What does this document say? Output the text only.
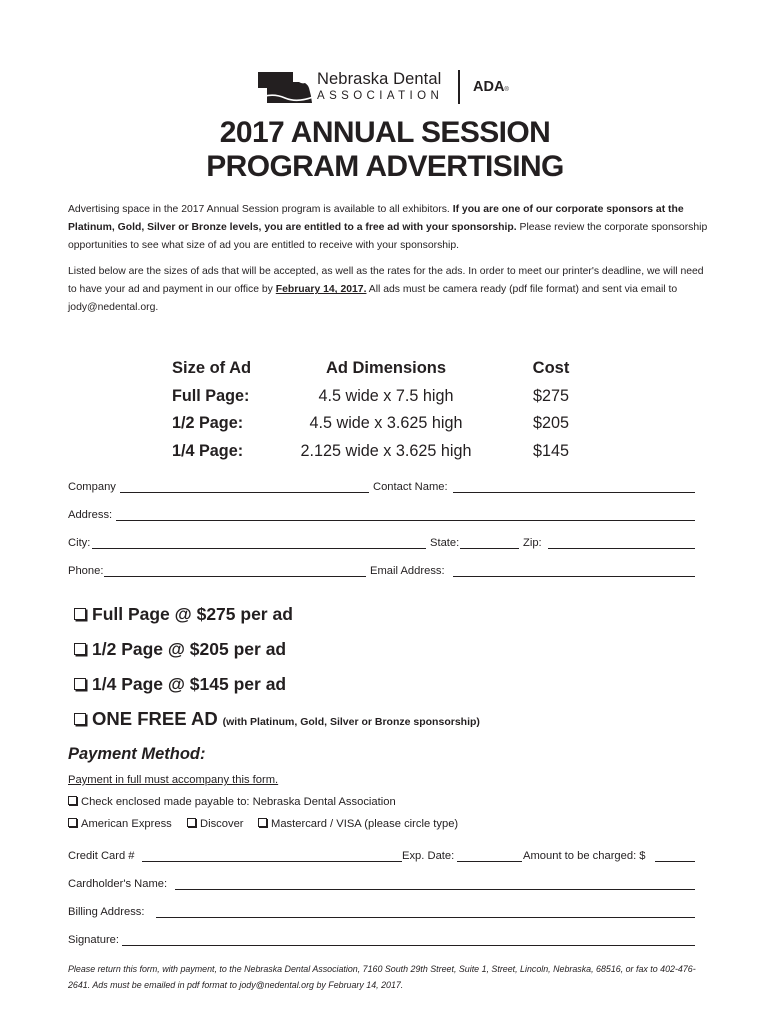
Nebraska Dental
ASSOCIATION
ADA®
2017 ANNUAL SESSION
PROGRAM ADVERTISING
Advertising space in the 2017 Annual Session program is available to all exhibitors. If you are one of our corporate sponsors at the Platinum, Gold, Silver or Bronze levels, you are entitled to a free ad with your sponsorship. Please review the corporate sponsorship opportunities to see what size of ad you are entitled to receive with your sponsorship.
Listed below are the sizes of ads that will be accepted, as well as the rates for the ads. In order to meet our printer's deadline, we will need to have your ad and payment in our office by February 14, 2017. All ads must be camera ready (pdf file format) and sent via email to jody@nedental.org.
Size of Ad	Ad Dimensions	Cost
Full Page:	4.5 wide x 7.5 high	$275
1/2 Page:	4.5 wide x 3.625 high	$205
1/4 Page:	2.125 wide x 3.625 high	$145
Company	Contact Name:
Address:
City:	State:	Zip:
Phone:	Email Address:
Full Page @ $275 per ad
1/2 Page @ $205 per ad
1/4 Page @ $145 per ad
ONE FREE AD (with Platinum, Gold, Silver or Bronze sponsorship)
Payment Method:
Payment in full must accompany this form.
Check enclosed made payable to: Nebraska Dental Association
American Express	Discover	Mastercard / VISA (please circle type)
Credit Card #	Exp. Date:	Amount to be charged: $
Cardholder's Name:
Billing Address:
Signature:
Please return this form, with payment, to the Nebraska Dental Association, 7160 South 29th Street, Suite 1, Street, Lincoln, Nebraska, 68516, or fax to 402-476-2641. Ads must be emailed in pdf format to jody@nedental.org by February 14, 2017.
